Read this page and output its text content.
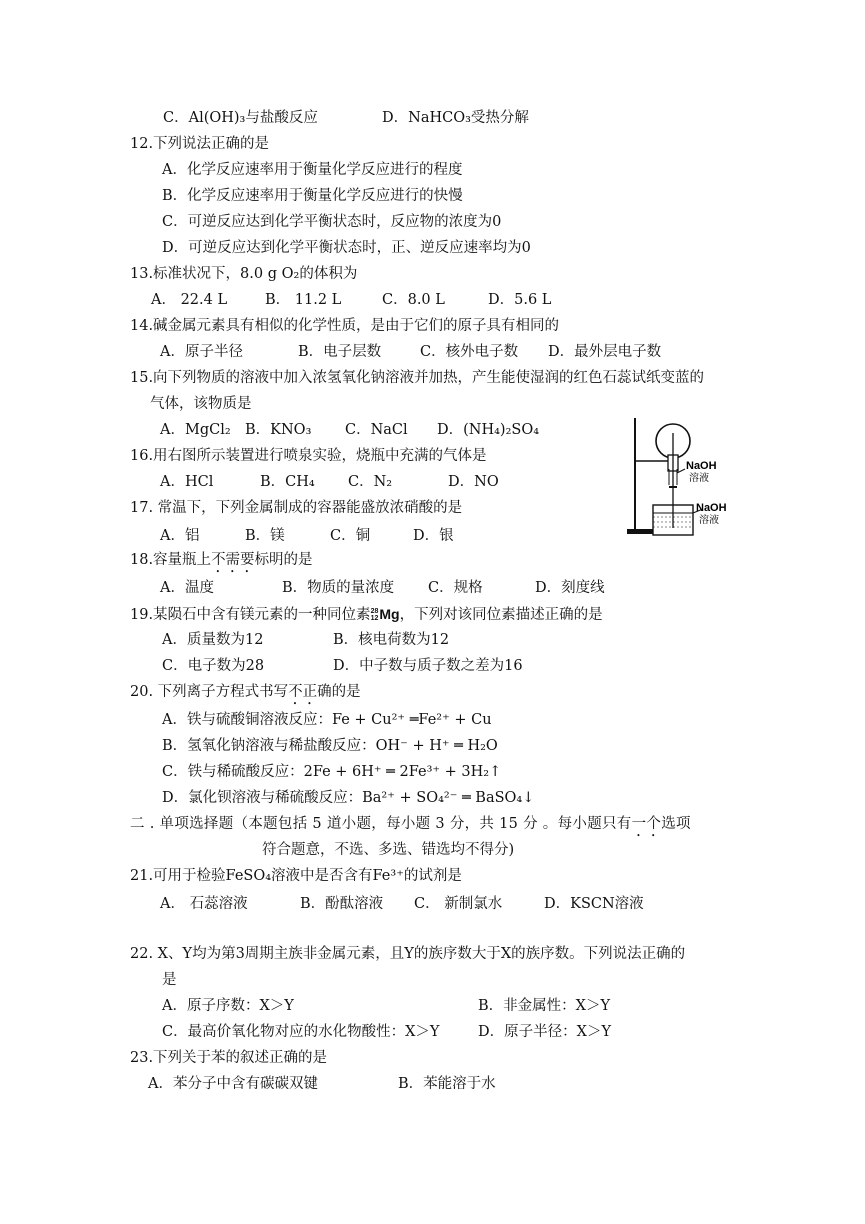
C．Al(OH)₃与盐酸反应	D．NaHCO₃受热分解
12.下列说法正确的是
A．化学反应速率用于衡量化学反应进行的程度
B．化学反应速率用于衡量化学反应进行的快慢
C．可逆反应达到化学平衡状态时，反应物的浓度为0
D．可逆反应达到化学平衡状态时，正、逆反应速率均为0
13.标准状况下，8.0 g O₂的体积为
A． 22.4 L	B． 11.2 L	C．8.0 L	D．5.6 L
14.碱金属元素具有相似的化学性质，是由于它们的原子具有相同的
A．原子半径	B．电子层数	C．核外电子数 D．最外层电子数
15.向下列物质的溶液中加入浓氢氧化钠溶液并加热，产生能使湿润的红色石蕊试纸变蓝的
气体，该物质是
A．MgCl₂ B．KNO₃ C．NaCl D．(NH₄)₂SO₄
NaOH
溶液
NaOH
溶液
16.用右图所示装置进行喷泉实验，烧瓶中充满的气体是
A．HCl	B．CH₄ C．N₂	D．NO
17. 常温下，下列金属制成的容器能盛放浓硝酸的是
A．铝	B．镁	C．铜	D．银
18.容量瓶上不需要标明的是
A．温度	B．物质的量浓度 C．规格	D．刻度线
19.某陨石中含有镁元素的一种同位素28
12Mg，下列对该同位素描述正确的是
A．质量数为12	B．核电荷数为12
C．电子数为28	D．中子数与质子数之差为16
20. 下列离子方程式书写不正确的是
A．铁与硫酸铜溶液反应：Fe + Cu²⁺ ═Fe²⁺ + Cu
B．氢氧化钠溶液与稀盐酸反应：OH⁻ + H⁺ ═ H₂O
C．铁与稀硫酸反应：2Fe + 6H⁺ ═ 2Fe³⁺ + 3H₂↑
D．氯化钡溶液与稀硫酸反应：Ba²⁺ + SO₄²⁻ ═ BaSO₄↓
二 . 单项选择题（本题包括 5 道小题，每小题 3 分，共 15 分 。每小题只有一个选项
符合题意，不选、多选、错选均不得分)
21.可用于检验FeSO₄溶液中是否含有Fe³⁺的试剂是
A． 石蕊溶液	B．酚酞溶液 C． 新制氯水	D．KSCN溶液
22. X、Y均为第3周期主族非金属元素，且Y的族序数大于X的族序数。下列说法正确的
是
A．原子序数：X＞Y	B．非金属性：X＞Y
C．最高价氧化物对应的水化物酸性：X＞Y	D．原子半径：X＞Y
23.下列关于苯的叙述正确的是
A．苯分子中含有碳碳双键	B．苯能溶于水
